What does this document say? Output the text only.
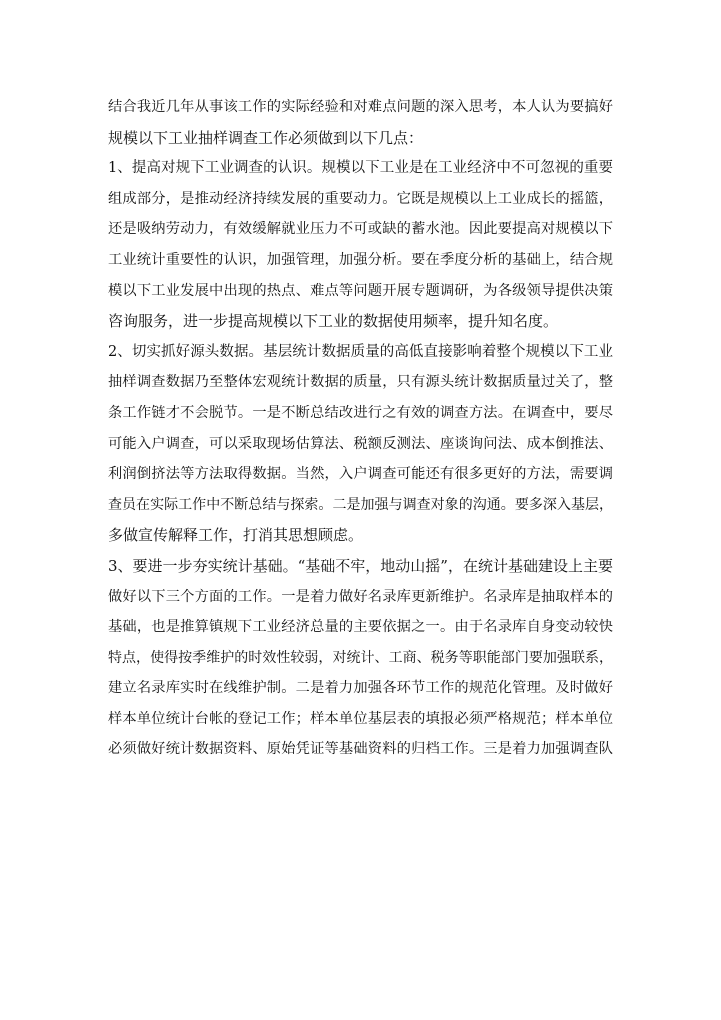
结合我近几年从事该工作的实际经验和对难点问题的深入思考，本人认为要搞好
规模以下工业抽样调查工作必须做到以下几点：
1、提高对规下工业调查的认识。规模以下工业是在工业经济中不可忽视的重要
组成部分，是推动经济持续发展的重要动力。它既是规模以上工业成长的摇篮，
还是吸纳劳动力，有效缓解就业压力不可或缺的蓄水池。因此要提高对规模以下
工业统计重要性的认识，加强管理，加强分析。要在季度分析的基础上，结合规
模以下工业发展中出现的热点、难点等问题开展专题调研，为各级领导提供决策
咨询服务，进一步提高规模以下工业的数据使用频率，提升知名度。
2、切实抓好源头数据。基层统计数据质量的高低直接影响着整个规模以下工业
抽样调查数据乃至整体宏观统计数据的质量，只有源头统计数据质量过关了，整
条工作链才不会脱节。一是不断总结改进行之有效的调查方法。在调查中，要尽
可能入户调查，可以采取现场估算法、税额反测法、座谈询问法、成本倒推法、
利润倒挤法等方法取得数据。当然，入户调查可能还有很多更好的方法，需要调
查员在实际工作中不断总结与探索。二是加强与调查对象的沟通。要多深入基层，
多做宣传解释工作，打消其思想顾虑。
3、要进一步夯实统计基础。“基础不牢，地动山摇”，在统计基础建设上主要
做好以下三个方面的工作。一是着力做好名录库更新维护。名录库是抽取样本的
基础，也是推算镇规下工业经济总量的主要依据之一。由于名录库自身变动较快
特点，使得按季维护的时效性较弱，对统计、工商、税务等职能部门要加强联系，
建立名录库实时在线维护制。二是着力加强各环节工作的规范化管理。及时做好
样本单位统计台帐的登记工作；样本单位基层表的填报必须严格规范；样本单位
必须做好统计数据资料、原始凭证等基础资料的归档工作。三是着力加强调查队
